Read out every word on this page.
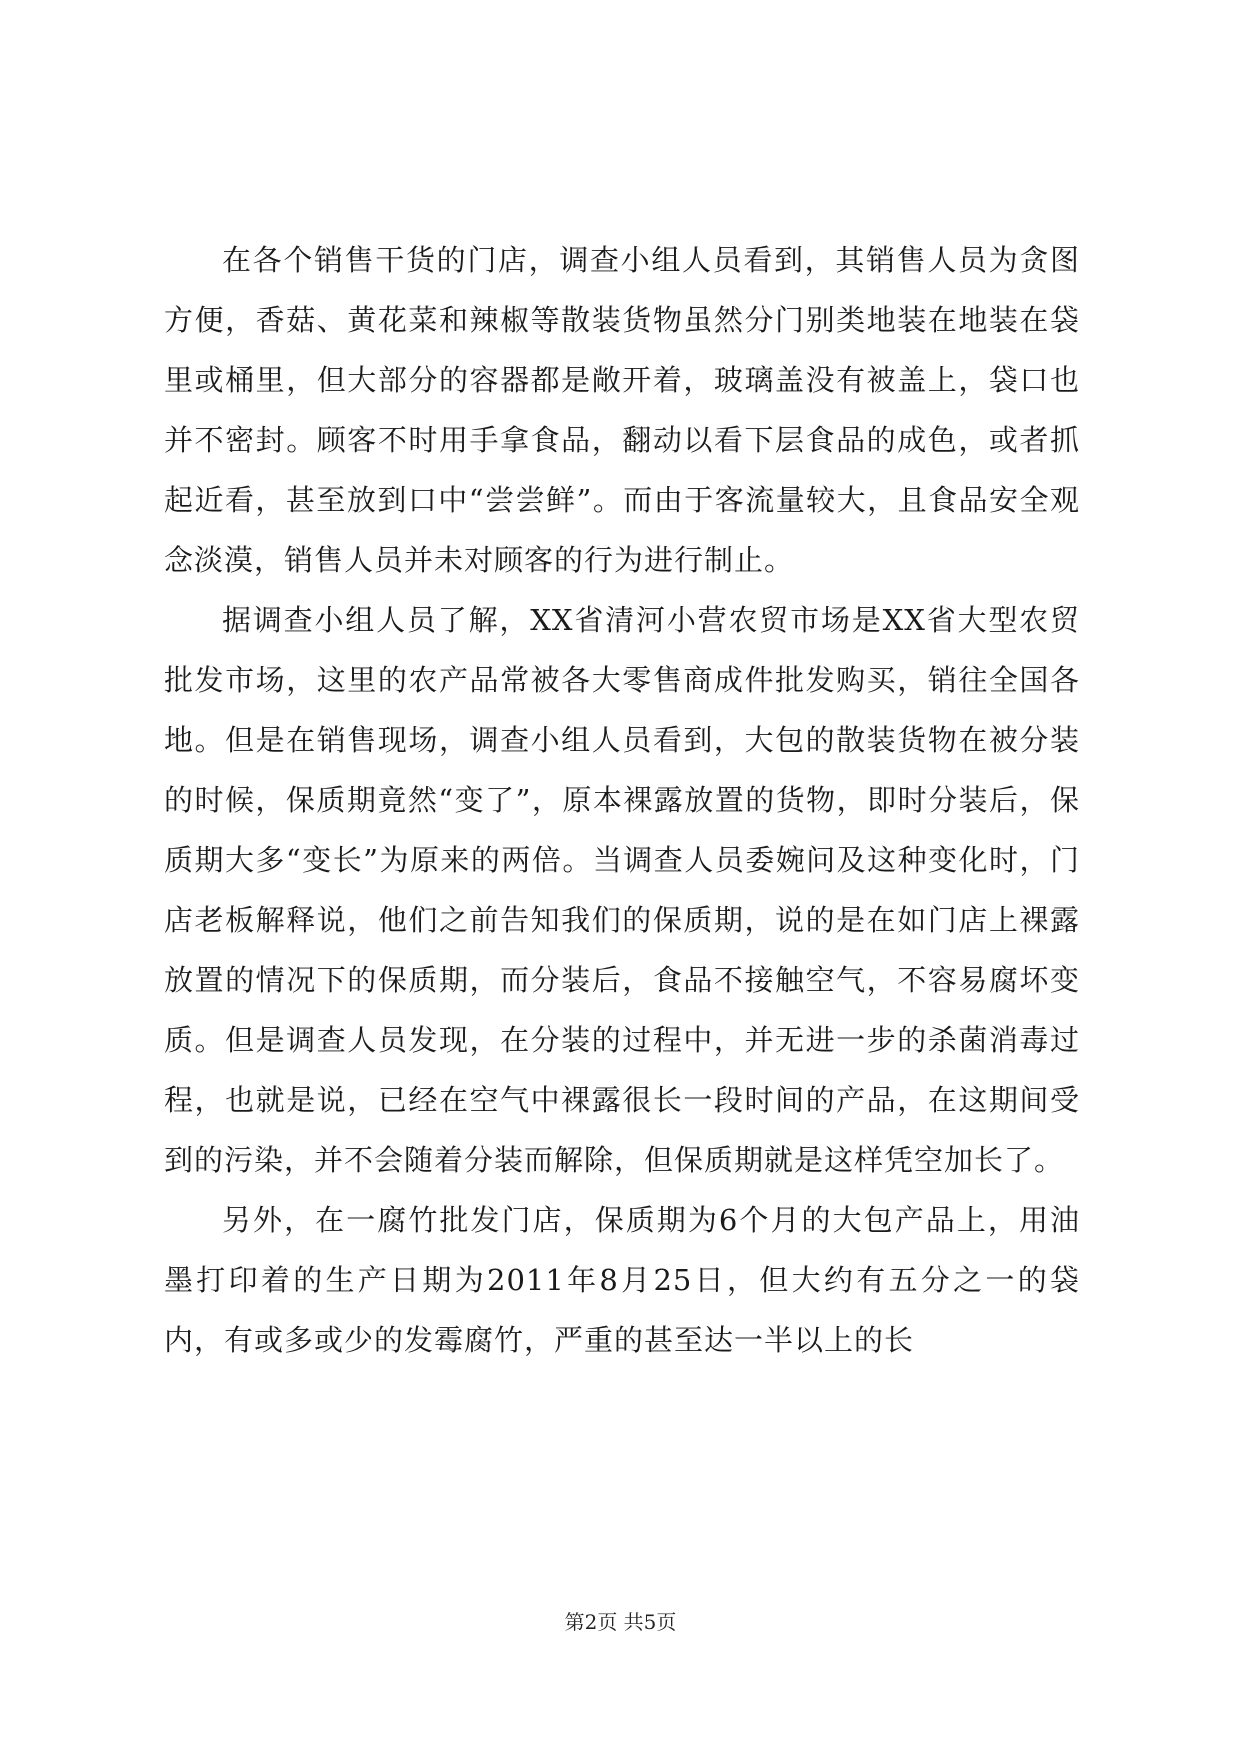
在各个销售干货的门店，调查小组人员看到，其销售人员为贪图方便，香菇、黄花菜和辣椒等散装货物虽然分门别类地装在地装在袋里或桶里，但大部分的容器都是敞开着，玻璃盖没有被盖上，袋口也并不密封。顾客不时用手拿食品，翻动以看下层食品的成色，或者抓起近看，甚至放到口中“尝尝鲜”。而由于客流量较大，且食品安全观念淡漠，销售人员并未对顾客的行为进行制止。

据调查小组人员了解，XX省清河小营农贸市场是XX省大型农贸批发市场，这里的农产品常被各大零售商成件批发购买，销往全国各地。但是在销售现场，调查小组人员看到，大包的散装货物在被分装的时候，保质期竟然“变了”，原本裸露放置的货物，即时分装后，保质期大多“变长”为原来的两倍。当调查人员委婉问及这种变化时，门店老板解释说，他们之前告知我们的保质期，说的是在如门店上裸露放置的情况下的保质期，而分装后，食品不接触空气，不容易腐坏变质。但是调查人员发现，在分装的过程中，并无进一步的杀菌消毒过程，也就是说，已经在空气中裸露很长一段时间的产品，在这期间受到的污染，并不会随着分装而解除，但保质期就是这样凭空加长了。

另外，在一腐竹批发门店，保质期为6个月的大包产品上，用油墨打印着的生产日期为2011年8月25日，但大约有五分之一的袋内，有或多或少的发霉腐竹，严重的甚至达一半以上的长

第2页 共5页
